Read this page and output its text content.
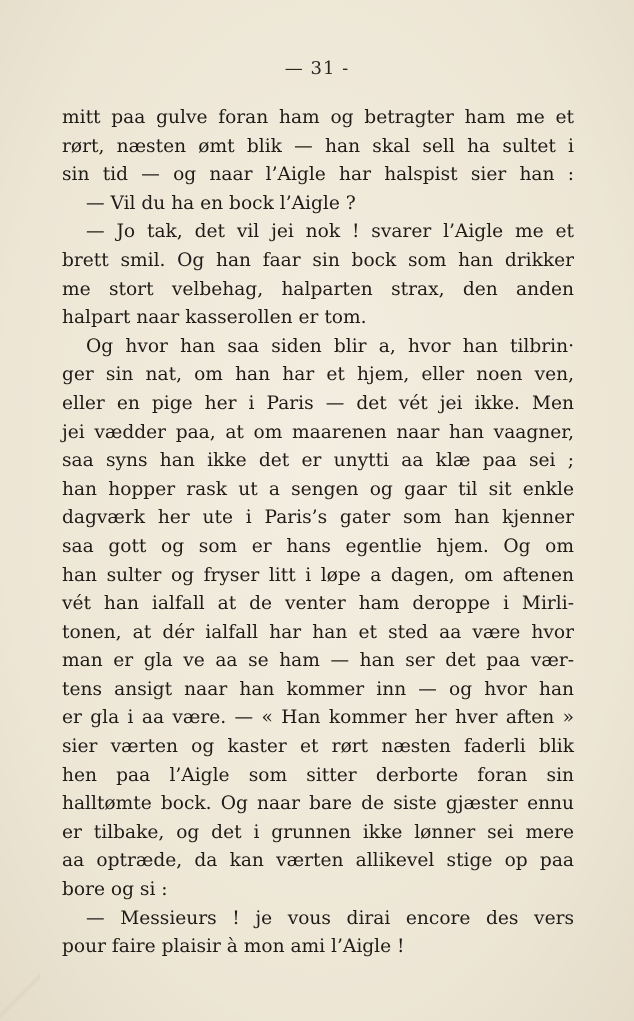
— 31 -
mitt paa gulve foran ham og betragter ham me et
rørt, næsten ømt blik — han skal sell ha sultet i
sin tid — og naar l’Aigle har halspist sier han :
— Vil du ha en bock l’Aigle ?
— Jo tak, det vil jei nok ! svarer l’Aigle me et
brett smil. Og han faar sin bock som han drikker
me stort velbehag, halparten strax, den anden
halpart naar kasserollen er tom.
Og hvor han saa siden blir a, hvor han tilbrin·
ger sin nat, om han har et hjem, eller noen ven,
eller en pige her i Paris — det vét jei ikke. Men
jei vædder paa, at om maarenen naar han vaagner,
saa syns han ikke det er unytti aa klæ paa sei ;
han hopper rask ut a sengen og gaar til sit enkle
dagværk her ute i Paris’s gater som han kjenner
saa gott og som er hans egentlie hjem. Og om
han sulter og fryser litt i løpe a dagen, om aftenen
vét han ialfall at de venter ham deroppe i Mirli-
tonen, at dér ialfall har han et sted aa være hvor
man er gla ve aa se ham — han ser det paa vær-
tens ansigt naar han kommer inn — og hvor han
er gla i aa være. — « Han kommer her hver aften »
sier værten og kaster et rørt næsten faderli blik
hen paa l’Aigle som sitter derborte foran sin
halltømte bock. Og naar bare de siste gjæster ennu
er tilbake, og det i grunnen ikke lønner sei mere
aa optræde, da kan værten allikevel stige op paa
bore og si :
— Messieurs ! je vous dirai encore des vers
pour faire plaisir à mon ami l’Aigle !
